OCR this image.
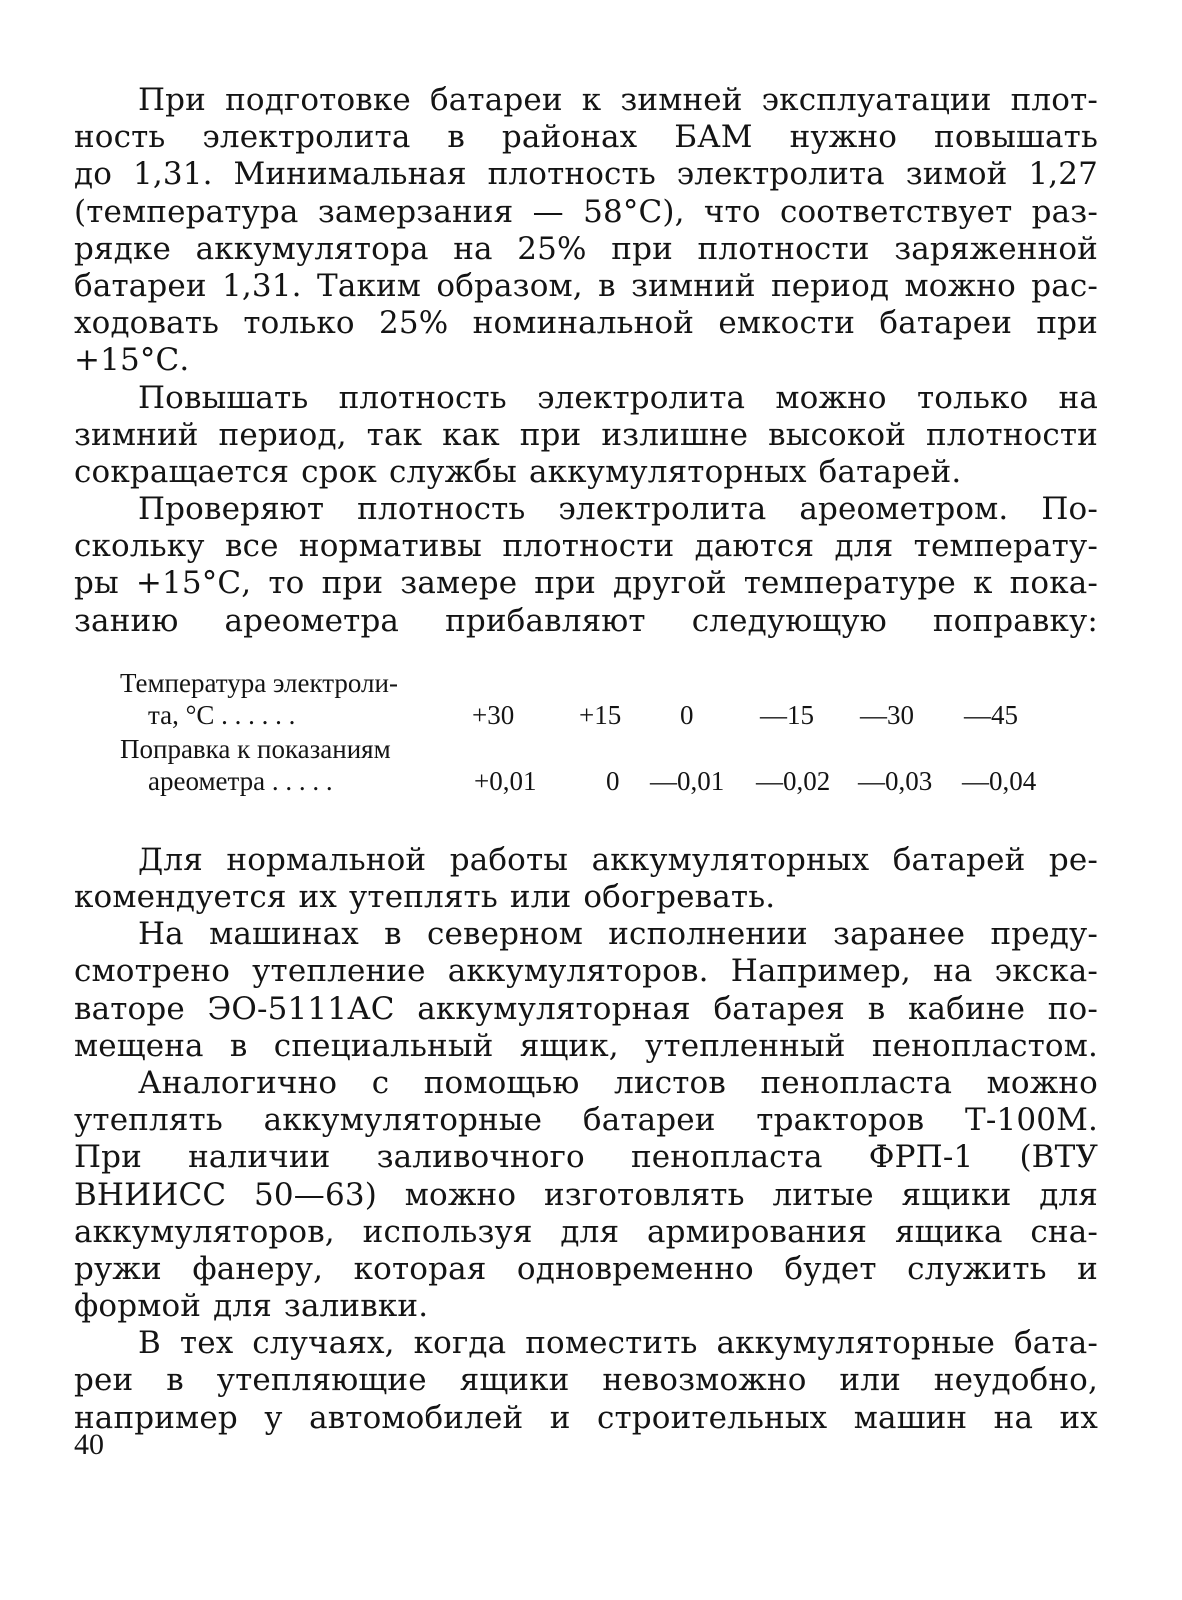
При подготовке батареи к зимней эксплуатации плот-
ность электролита в районах БАМ нужно повышать
до 1,31. Минимальная плотность электролита зимой 1,27
(температура замерзания — 58°С), что соответствует раз-
рядке аккумулятора на 25% при плотности заряженной
батареи 1,31. Таким образом, в зимний период можно рас-
ходовать только 25% номинальной емкости батареи при
+15°С.
Повышать плотность электролита можно только на
зимний период, так как при излишне высокой плотности
сокращается срок службы аккумуляторных батарей.
Проверяют плотность электролита ареометром. По-
скольку все нормативы плотности даются для температу-
ры +15°С, то при замере при другой температуре к пока-
занию ареометра прибавляют следующую поправку:
Температура электроли-
та, °С . . . . . .	+30 +15 0 —15 —30 —45
Поправка к показаниям
ареометра . . . . .	+0,01	0 —0,01 —0,02 —0,03 —0,04
Для нормальной работы аккумуляторных батарей ре-
комендуется их утеплять или обогревать.
На машинах в северном исполнении заранее преду-
смотрено утепление аккумуляторов. Например, на экска-
ваторе ЭО-5111АС аккумуляторная батарея в кабине по-
мещена в специальный ящик, утепленный пенопластом.
Аналогично с помощью листов пенопласта можно
утеплять аккумуляторные батареи тракторов Т-100М.
При наличии заливочного пенопласта ФРП-1 (ВТУ
ВНИИСС 50—63) можно изготовлять литые ящики для
аккумуляторов, используя для армирования ящика сна-
ружи фанеру, которая одновременно будет служить и
формой для заливки.
В тех случаях, когда поместить аккумуляторные бата-
реи в утепляющие ящики невозможно или неудобно,
например у автомобилей и строительных машин на их
40
